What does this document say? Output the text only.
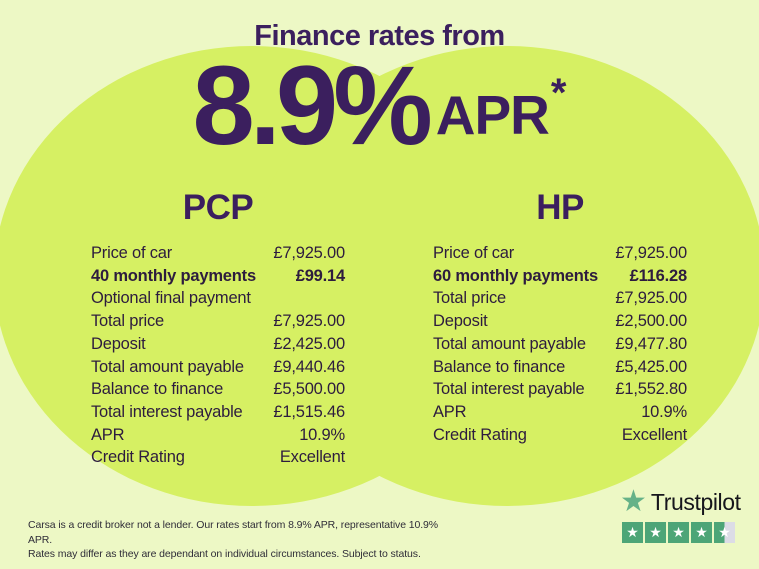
Finance rates from
8.9% APR*
PCP
Price of car	£7,925.00
40 monthly payments £99.14
Optional final payment
Total price	£7,925.00
Deposit	£2,425.00
Total amount payable £9,440.46
Balance to finance	£5,500.00
Total interest payable £1,515.46
APR	10.9%
Credit Rating	Excellent
HP
Price of car	£7,925.00
60 monthly payments £116.28
Total price	£7,925.00
Deposit	£2,500.00
Total amount payable £9,477.80
Balance to finance	£5,425.00
Total interest payable £1,552.80
APR	10.9%
Credit Rating	Excellent
Carsa is a credit broker not a lender. Our rates start from 8.9% APR, representative 10.9% APR.
Rates may differ as they are dependant on individual circumstances. Subject to status.
★ Trustpilot
★ ★ ★ ★ ★
